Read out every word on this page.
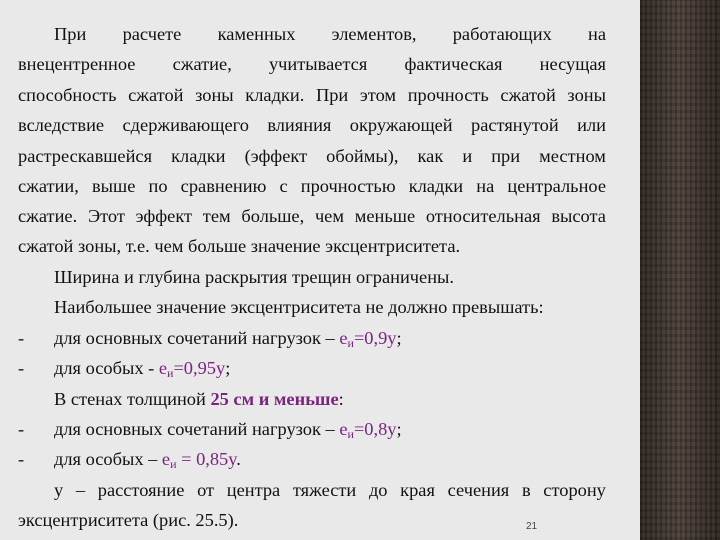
При расчете каменных элементов, работающих на
внецентренное сжатие, учитывается фактическая несущая
способность сжатой зоны кладки. При этом прочность сжатой зоны
вследствие сдерживающего влияния окружающей растянутой или
растрескавшейся кладки (эффект обоймы), как и при местном
сжатии, выше по сравнению с прочностью кладки на центральное
сжатие. Этот эффект тем больше, чем меньше относительная высота
сжатой зоны, т.е. чем больше значение эксцентриситета.
Ширина и глубина раскрытия трещин ограничены.
Наибольшее значение эксцентриситета не должно превышать:
- для основных сочетаний нагрузок – $e_и=0,9y$;
- для особых - $e_и=0,95y$;
В стенах толщиной 25 см и меньше:
- для основных сочетаний нагрузок – $e_и=0,8y$;
- для особых – $e_и = 0,85y$.
y – расстояние от центра тяжести до края сечения в сторону
эксцентриситета (рис. 25.5).	21
